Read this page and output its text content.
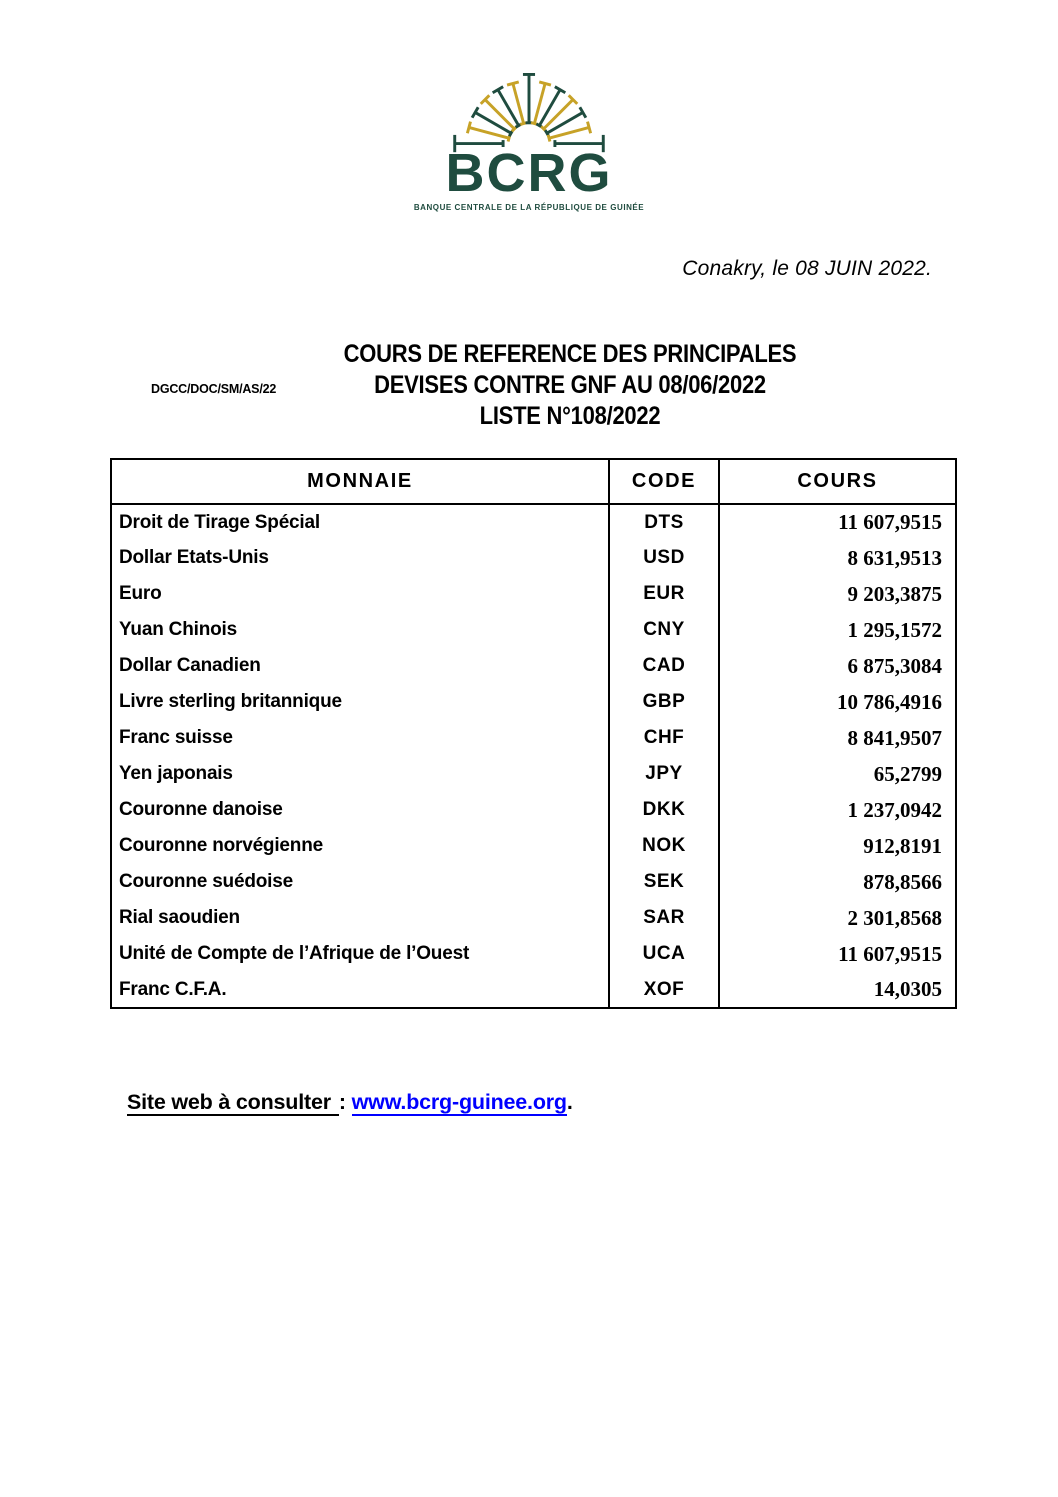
BCRG
BANQUE CENTRALE DE LA RÉPUBLIQUE DE GUINÉE
Conakry, le 08 JUIN 2022.
DGCC/DOC/SM/AS/22
COURS DE REFERENCE DES PRINCIPALES
DEVISES CONTRE GNF AU 08/06/2022
LISTE N°108/2022
MONNAIE	CODE	COURS
Droit de Tirage Spécial	DTS	11 607,9515
Dollar Etats-Unis	USD	8 631,9513
Euro	EUR	9 203,3875
Yuan Chinois	CNY	1 295,1572
Dollar Canadien	CAD	6 875,3084
Livre sterling britannique	GBP	10 786,4916
Franc suisse	CHF	8 841,9507
Yen japonais	JPY	65,2799
Couronne danoise	DKK	1 237,0942
Couronne norvégienne	NOK	912,8191
Couronne suédoise	SEK	878,8566
Rial saoudien	SAR	2 301,8568
Unité de Compte de l’Afrique de l’Ouest	UCA	11 607,9515
Franc C.F.A.	XOF	14,0305
Site web à consulter : www.bcrg-guinee.org.
